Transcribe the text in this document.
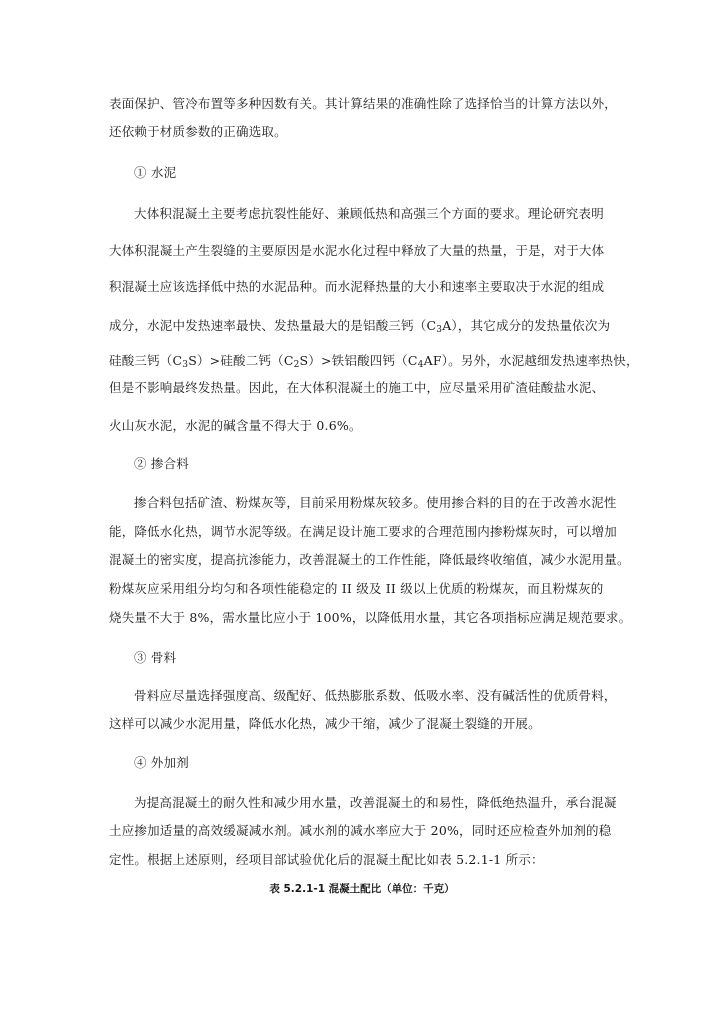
表面保护、管冷布置等多种因数有关。其计算结果的准确性除了选择恰当的计算方法以外，
还依赖于材质参数的正确选取。
① 水泥
大体积混凝土主要考虑抗裂性能好、兼顾低热和高强三个方面的要求。理论研究表明
大体积混凝土产生裂缝的主要原因是水泥水化过程中释放了大量的热量，于是，对于大体
积混凝土应该选择低中热的水泥品种。而水泥释热量的大小和速率主要取决于水泥的组成
成分，水泥中发热速率最快、发热量最大的是铝酸三钙$(C_3A)$，其它成分的发热量依次为
硅酸三钙$(C_3S)>$硅酸二钙$(C_2S)>$铁铝酸四钙$(C_4AF)$。另外，水泥越细发热速率热快，
但是不影响最终发热量。因此，在大体积混凝土的施工中，应尽量采用矿渣硅酸盐水泥、
火山灰水泥，水泥的碱含量不得大于 0.6%。
② 掺合料
掺合料包括矿渣、粉煤灰等，目前采用粉煤灰较多。使用掺合料的目的在于改善水泥性
能，降低水化热，调节水泥等级。在满足设计施工要求的合理范围内掺粉煤灰时，可以增加
混凝土的密实度，提高抗渗能力，改善混凝土的工作性能，降低最终收缩值，减少水泥用量。
粉煤灰应采用组分均匀和各项性能稳定的 II 级及 II 级以上优质的粉煤灰，而且粉煤灰的
烧失量不大于 8%，需水量比应小于 100%，以降低用水量，其它各项指标应满足规范要求。
③ 骨料
骨料应尽量选择强度高、级配好、低热膨胀系数、低吸水率、没有碱活性的优质骨料，
这样可以减少水泥用量，降低水化热，减少干缩，减少了混凝土裂缝的开展。
④ 外加剂
为提高混凝土的耐久性和减少用水量，改善混凝土的和易性，降低绝热温升，承台混凝
土应掺加适量的高效缓凝减水剂。减水剂的减水率应大于 20%，同时还应检查外加剂的稳
定性。根据上述原则，经项目部试验优化后的混凝土配比如表 5.2.1-1 所示：
表 5.2.1-1 混凝土配比（单位：千克）
